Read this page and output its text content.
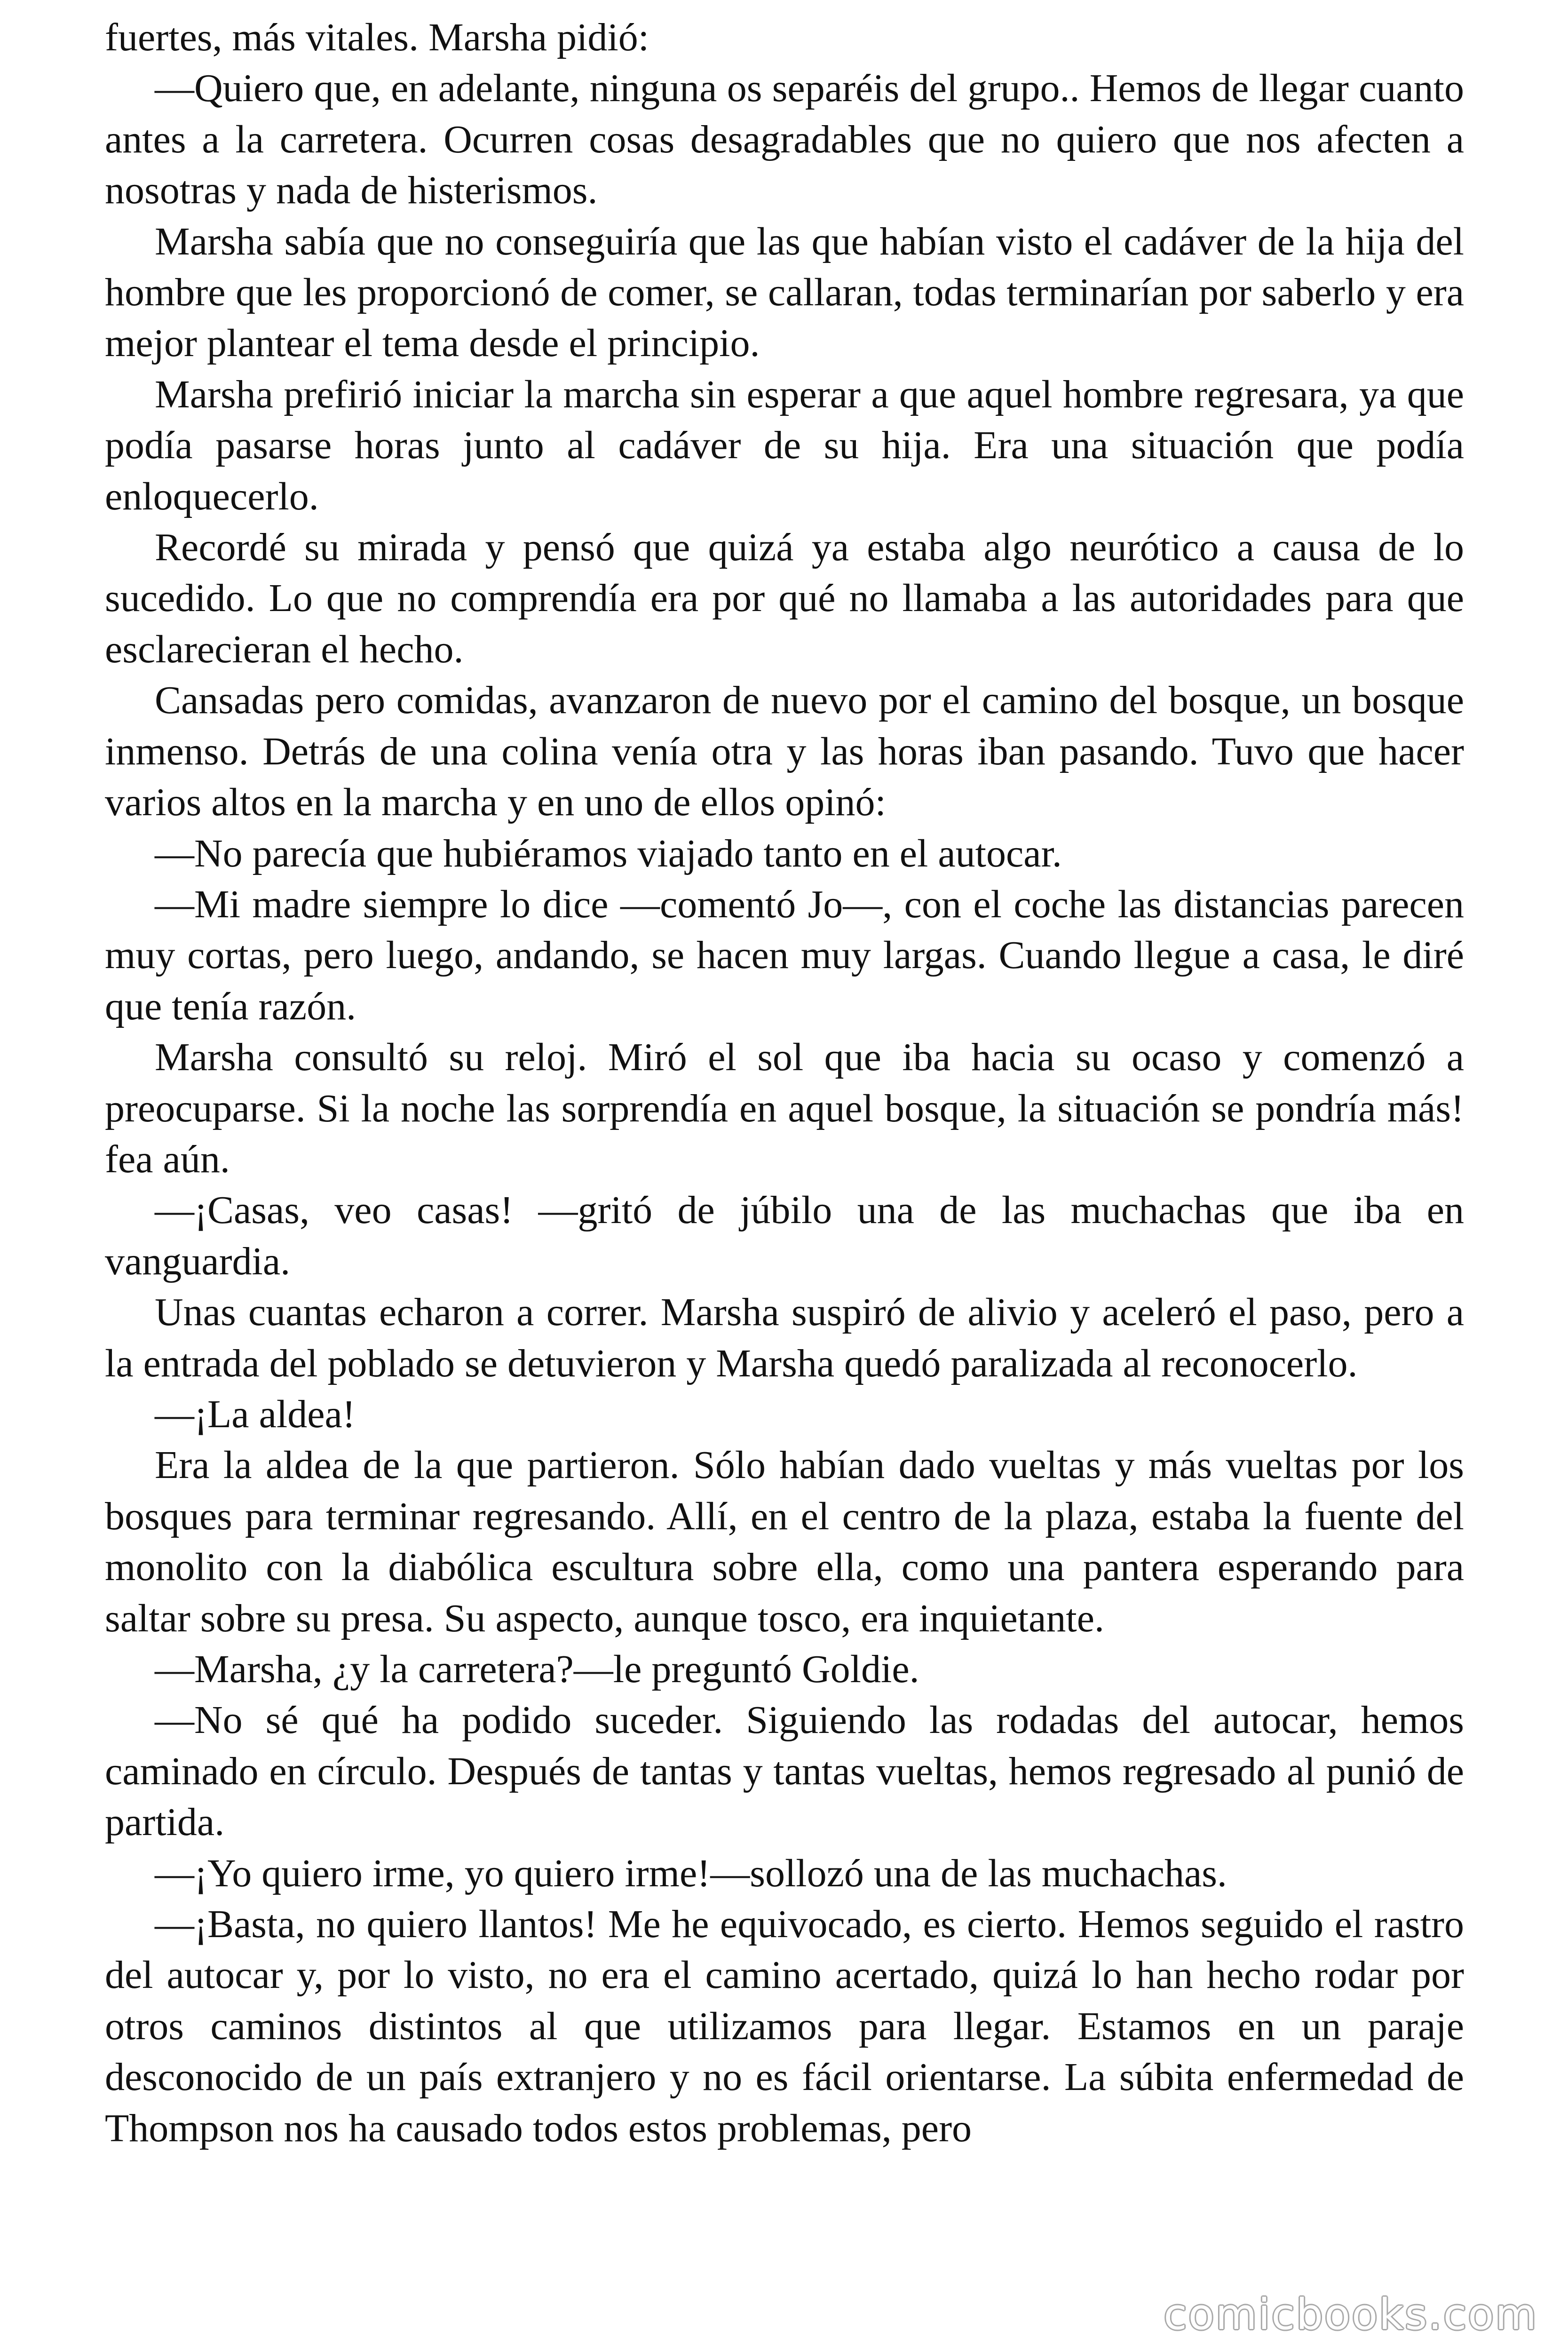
fuertes, más vitales. Marsha pidió:

—Quiero que, en adelante, ninguna os separéis del grupo.. Hemos de llegar cuanto antes a la carretera. Ocurren cosas desagradables que no quiero que nos afecten a nosotras y nada de histerismos.

Marsha sabía que no conseguiría que las que habían visto el cadáver de la hija del hombre que les proporcionó de comer, se callaran, todas terminarían por saberlo y era mejor plantear el tema desde el principio.

Marsha prefirió iniciar la marcha sin esperar a que aquel hombre regresara, ya que podía pasarse horas junto al cadáver de su hija. Era una situación que podía enloquecerlo.

Recordé su mirada y pensó que quizá ya estaba algo neurótico a causa de lo sucedido. Lo que no comprendía era por qué no llamaba a las autoridades para que esclarecieran el hecho.

Cansadas pero comidas, avanzaron de nuevo por el camino del bosque, un bosque inmenso. Detrás de una colina venía otra y las horas iban pasando. Tuvo que hacer varios altos en la marcha y en uno de ellos opinó:

—No parecía que hubiéramos viajado tanto en el autocar.

—Mi madre siempre lo dice —comentó Jo—, con el coche las distancias parecen muy cortas, pero luego, andando, se hacen muy largas. Cuando llegue a casa, le diré que tenía razón.

Marsha consultó su reloj. Miró el sol que iba hacia su ocaso y comenzó a preocuparse. Si la noche las sorprendía en aquel bosque, la situación se pondría más! fea aún.

—¡Casas, veo casas! —gritó de júbilo una de las muchachas que iba en vanguardia.

Unas cuantas echaron a correr. Marsha suspiró de alivio y aceleró el paso, pero a la entrada del poblado se detuvieron y Marsha quedó paralizada al reconocerlo.

—¡La aldea!

Era la aldea de la que partieron. Sólo habían dado vueltas y más vueltas por los bosques para terminar regresando. Allí, en el centro de la plaza, estaba la fuente del monolito con la diabólica escultura sobre ella, como una pantera esperando para saltar sobre su presa. Su aspecto, aunque tosco, era inquietante.

—Marsha, ¿y la carretera?—le preguntó Goldie.

—No sé qué ha podido suceder. Siguiendo las rodadas del autocar, hemos caminado en círculo. Después de tantas y tantas vueltas, hemos regresado al punió de partida.

—¡Yo quiero irme, yo quiero irme!—sollozó una de las muchachas.

—¡Basta, no quiero llantos! Me he equivocado, es cierto. Hemos seguido el rastro del autocar y, por lo visto, no era el camino acertado, quizá lo han hecho rodar por otros caminos distintos al que utilizamos para llegar. Estamos en un paraje desconocido de un país extranjero y no es fácil orientarse. La súbita enfermedad de Thompson nos ha causado todos estos problemas, pero

comicbooks.com
